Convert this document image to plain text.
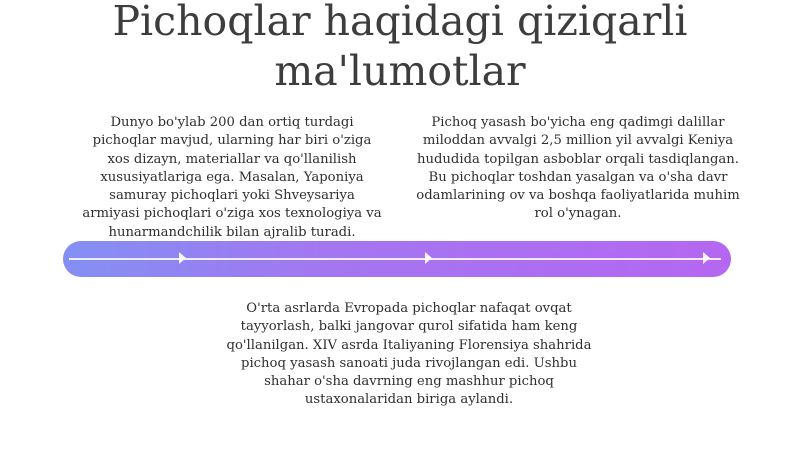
Pichoqlar haqidagi qiziqarli ma'lumotlar
Dunyo bo'ylab 200 dan ortiq turdagi pichoqlar mavjud, ularning har biri o'ziga xos dizayn, materiallar va qo'llanilish xususiyatlariga ega. Masalan, Yaponiya samuray pichoqlari yoki Shveysariya armiyasi pichoqlari o'ziga xos texnologiya va hunarmandchilik bilan ajralib turadi.
Pichoq yasash bo'yicha eng qadimgi dalillar miloddan avvalgi 2,5 million yil avvalgi Keniya hududida topilgan asboblar orqali tasdiqlangan. Bu pichoqlar toshdan yasalgan va o'sha davr odamlarining ov va boshqa faoliyatlarida muhim rol o'ynagan.
O'rta asrlarda Evropada pichoqlar nafaqat ovqat tayyorlash, balki jangovar qurol sifatida ham keng qo'llanilgan. XIV asrda Italiyaning Florensiya shahrida pichoq yasash sanoati juda rivojlangan edi. Ushbu shahar o'sha davrning eng mashhur pichoq ustaxonalaridan biriga aylandi.
